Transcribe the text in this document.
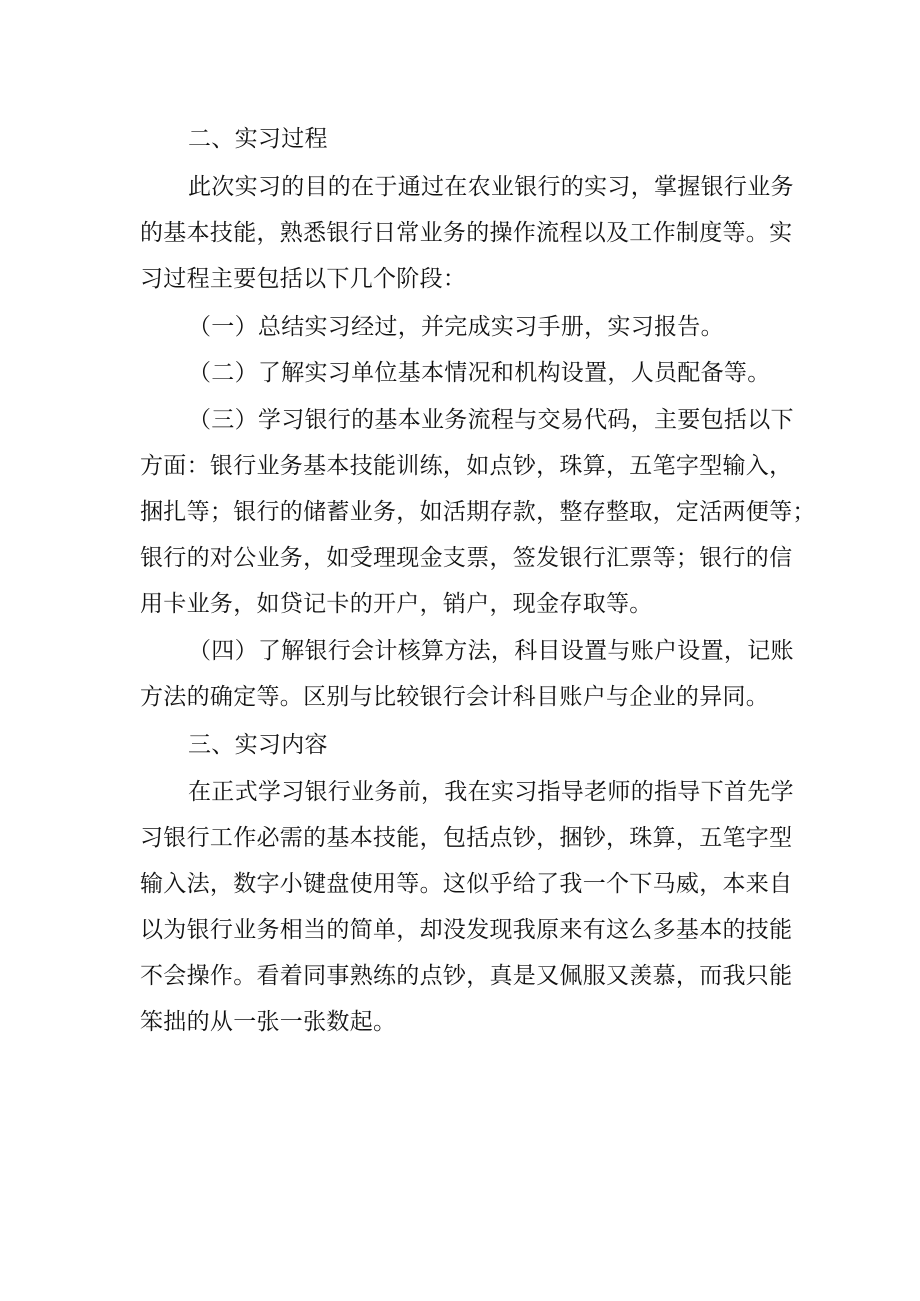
二、实习过程
此次实习的目的在于通过在农业银行的实习，掌握银行业务
的基本技能，熟悉银行日常业务的操作流程以及工作制度等。实
习过程主要包括以下几个阶段：
（一）总结实习经过，并完成实习手册，实习报告。
（二）了解实习单位基本情况和机构设置，人员配备等。
（三）学习银行的基本业务流程与交易代码，主要包括以下
方面：银行业务基本技能训练，如点钞，珠算，五笔字型输入，
捆扎等；银行的储蓄业务，如活期存款，整存整取，定活两便等；
银行的对公业务，如受理现金支票，签发银行汇票等；银行的信
用卡业务，如贷记卡的开户，销户，现金存取等。
（四）了解银行会计核算方法，科目设置与账户设置，记账
方法的确定等。区别与比较银行会计科目账户与企业的异同。
三、实习内容
在正式学习银行业务前，我在实习指导老师的指导下首先学
习银行工作必需的基本技能，包括点钞，捆钞，珠算，五笔字型
输入法，数字小键盘使用等。这似乎给了我一个下马威，本来自
以为银行业务相当的简单，却没发现我原来有这么多基本的技能
不会操作。看着同事熟练的点钞，真是又佩服又羡慕，而我只能
笨拙的从一张一张数起。
